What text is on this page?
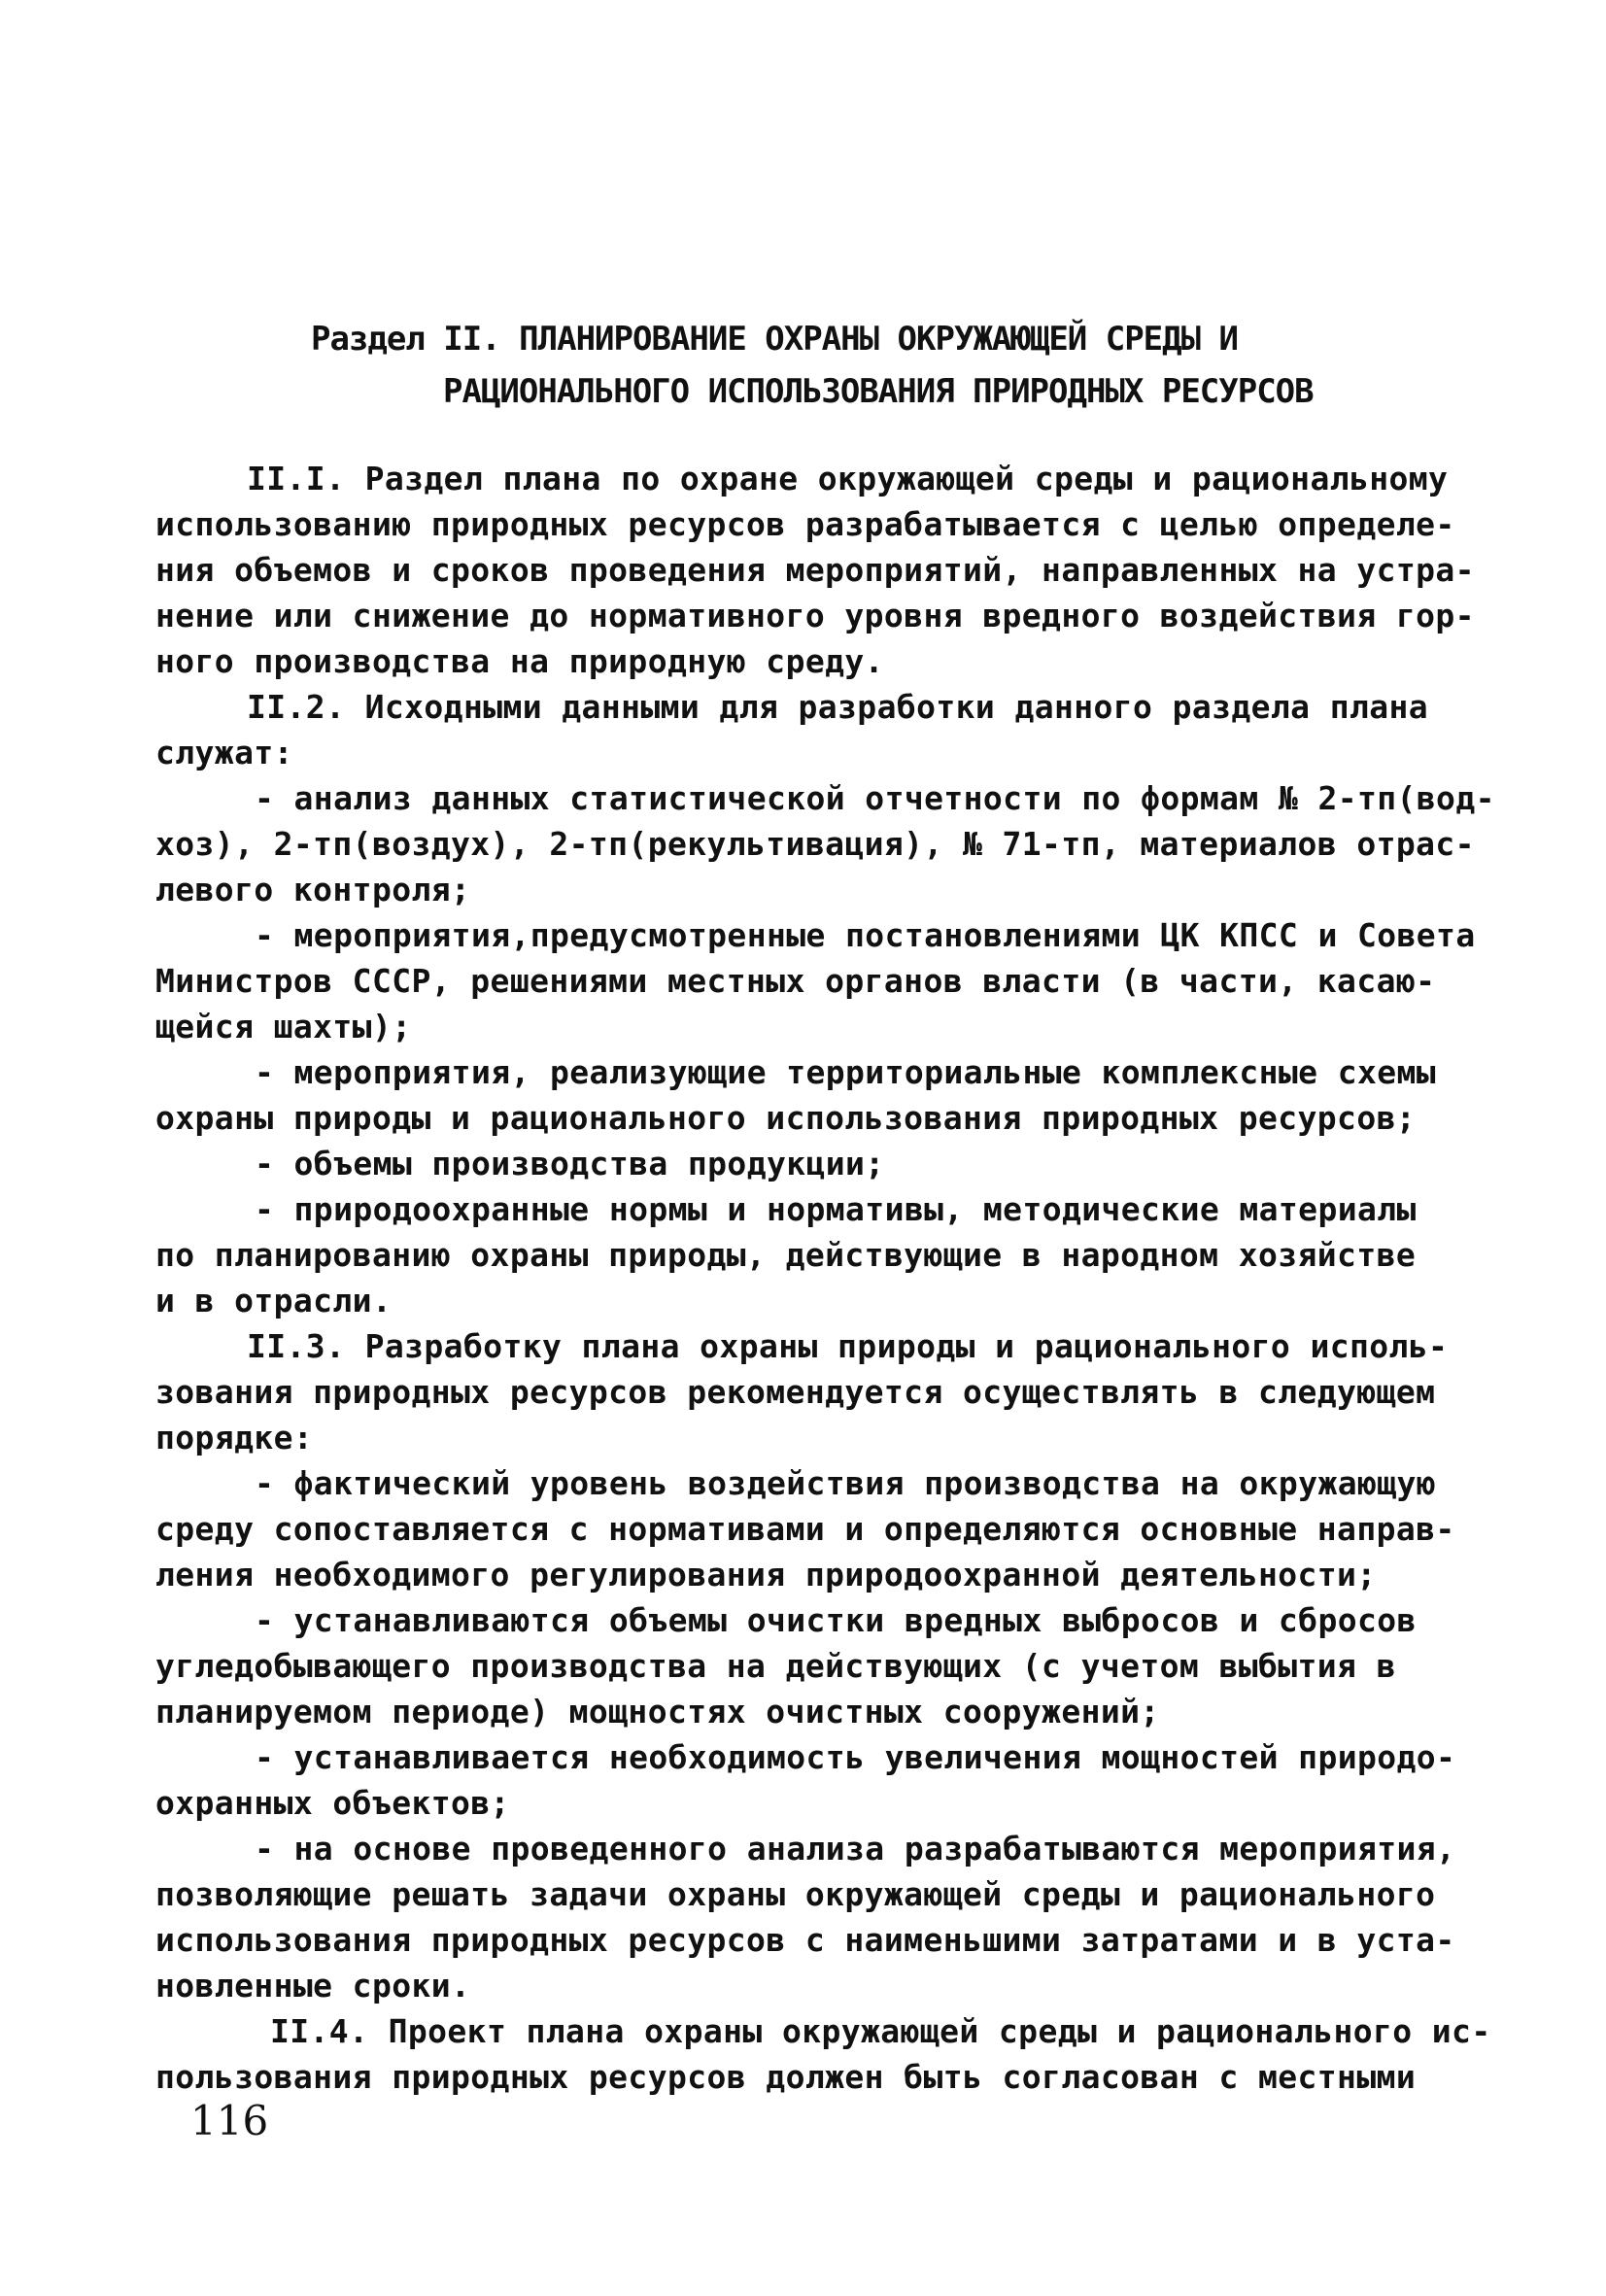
Раздел II. ПЛАНИРОВАНИЕ ОХРАНЫ ОКРУЖАЮЩЕЙ СРЕДЫ И
РАЦИОНАЛЬНОГО ИСПОЛЬЗОВАНИЯ ПРИРОДНЫХ РЕСУРСОВ
II.I. Раздел плана по охране окружающей среды и рациональному
использованию природных ресурсов разрабатывается с целью определе-
ния объемов и сроков проведения мероприятий, направленных на устра-
нение или снижение до нормативного уровня вредного воздействия гор-
ного производства на природную среду.
II.2. Исходными данными для разработки данного раздела плана
служат:
- анализ данных статистической отчетности по формам № 2-тп(вод-
хоз), 2-тп(воздух), 2-тп(рекультивация), № 71-тп, материалов отрас-
левого контроля;
- мероприятия,предусмотренные постановлениями ЦК КПСС и Совета
Министров СССР, решениями местных органов власти (в части, касаю-
щейся шахты);
- мероприятия, реализующие территориальные комплексные схемы
охраны природы и рационального использования природных ресурсов;
- объемы производства продукции;
- природоохранные нормы и нормативы, методические материалы
по планированию охраны природы, действующие в народном хозяйстве
и в отрасли.
II.3. Разработку плана охраны природы и рационального исполь-
зования природных ресурсов рекомендуется осуществлять в следующем
порядке:
- фактический уровень воздействия производства на окружающую
среду сопоставляется с нормативами и определяются основные направ-
ления необходимого регулирования природоохранной деятельности;
- устанавливаются объемы очистки вредных выбросов и сбросов
угледобывающего производства на действующих (с учетом выбытия в
планируемом периоде) мощностях очистных сооружений;
- устанавливается необходимость увеличения мощностей природо-
охранных объектов;
- на основе проведенного анализа разрабатываются мероприятия,
позволяющие решать задачи охраны окружающей среды и рационального
использования природных ресурсов с наименьшими затратами и в уста-
новленные сроки.
II.4. Проект плана охраны окружающей среды и рационального ис-
пользования природных ресурсов должен быть согласован с местными
116
